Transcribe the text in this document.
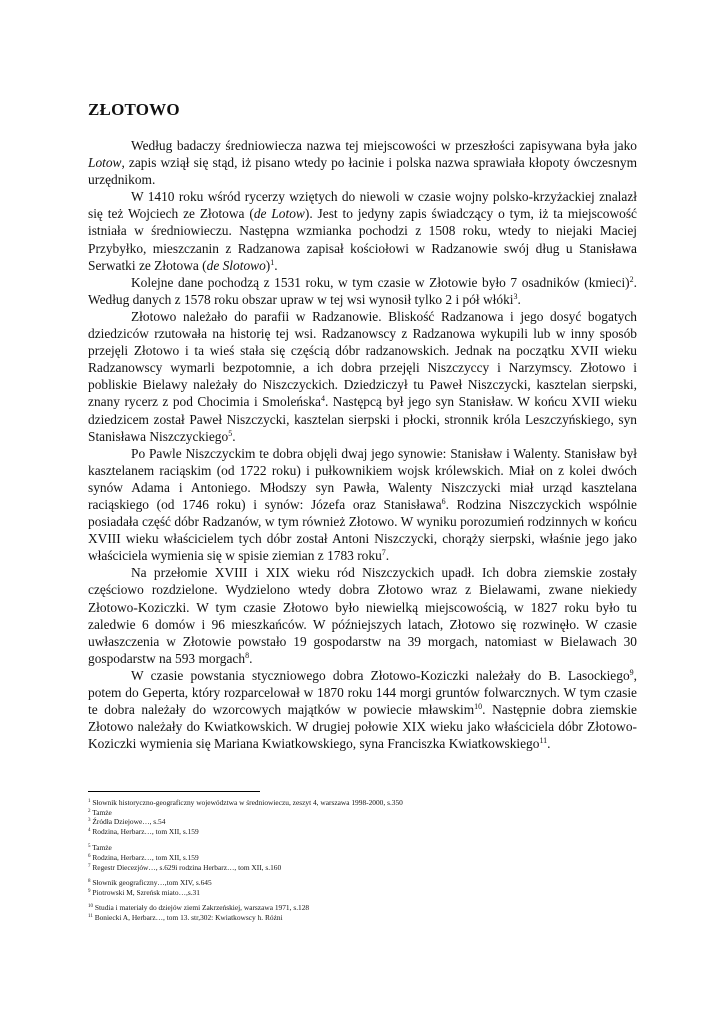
ZŁOTOWO

Według badaczy średniowiecza nazwa tej miejscowości w przeszłości zapisywana była jako Lotow, zapis wziął się stąd, iż pisano wtedy po łacinie i polska nazwa sprawiała kłopoty ówczesnym urzędnikom.

W 1410 roku wśród rycerzy wziętych do niewoli w czasie wojny polsko-krzyżackiej znalazł się też Wojciech ze Złotowa (de Lotow). Jest to jedyny zapis świadczący o tym, iż ta miejscowość istniała w średniowieczu. Następna wzmianka pochodzi z 1508 roku, wtedy to niejaki Maciej Przybyłko, mieszczanin z Radzanowa zapisał kościołowi w Radzanowie swój dług u Stanisława Serwatki ze Złotowa (de Slotowo)$^1$.

Kolejne dane pochodzą z 1531 roku, w tym czasie w Złotowie było 7 osadników (kmieci)$^2$. Według danych z 1578 roku obszar upraw w tej wsi wynosił tylko 2 i pół włóki$^3$.

Złotowo należało do parafii w Radzanowie. Bliskość Radzanowa i jego dosyć bogatych dziedziców rzutowała na historię tej wsi. Radzanowscy z Radzanowa wykupili lub w inny sposób przejęli Złotowo i ta wieś stała się częścią dóbr radzanowskich. Jednak na początku XVII wieku Radzanowscy wymarli bezpotomnie, a ich dobra przejęli Niszczyccy i Narzymscy. Złotowo i pobliskie Bielawy należały do Niszczyckich. Dziedziczył tu Paweł Niszczycki, kasztelan sierpski, znany rycerz z pod Chocimia i Smoleńska$^4$. Następcą był jego syn Stanisław. W końcu XVII wieku dziedzicem został Paweł Niszczycki, kasztelan sierpski i płocki, stronnik króla Leszczyńskiego, syn Stanisława Niszczyckiego$^5$.

Po Pawle Niszczyckim te dobra objęli dwaj jego synowie: Stanisław i Walenty. Stanisław był kasztelanem raciąskim (od 1722 roku) i pułkownikiem wojsk królewskich. Miał on z kolei dwóch synów Adama i Antoniego. Młodszy syn Pawła, Walenty Niszczycki miał urząd kasztelana raciąskiego (od 1746 roku) i synów: Józefa oraz Stanisława$^6$. Rodzina Niszczyckich wspólnie posiadała część dóbr Radzanów, w tym również Złotowo. W wyniku porozumień rodzinnych w końcu XVIII wieku właścicielem tych dóbr został Antoni Niszczycki, chorąży sierpski, właśnie jego jako właściciela wymienia się w spisie ziemian z 1783 roku$^7$.

Na przełomie XVIII i XIX wieku ród Niszczyckich upadł. Ich dobra ziemskie zostały częściowo rozdzielone. Wydzielono wtedy dobra Złotowo wraz z Bielawami, zwane niekiedy Złotowo-Koziczki. W tym czasie Złotowo było niewielką miejscowością, w 1827 roku było tu zaledwie 6 domów i 96 mieszkańców. W późniejszych latach, Złotowo się rozwinęło. W czasie uwłaszczenia w Złotowie powstało 19 gospodarstw na 39 morgach, natomiast w Bielawach 30 gospodarstw na 593 morgach$^8$.

W czasie powstania styczniowego dobra Złotowo-Koziczki należały do B. Lasockiego$^9$, potem do Geperta, który rozparcelował w 1870 roku 144 morgi gruntów folwarcznych. W tym czasie te dobra należały do wzorcowych majątków w powiecie mławskim$^{10}$. Następnie dobra ziemskie Złotowo należały do Kwiatkowskich. W drugiej połowie XIX wieku jako właściciela dóbr Złotowo-Koziczki wymienia się Mariana Kwiatkowskiego, syna Franciszka Kwiatkowskiego$^{11}$.

$^1$ Słownik historyczno-geograficzny województwa w średniowieczu, zeszyt 4, warszawa 1998-2000, s.350

$^2$ Tamże

$^3$ Źródła Dziejowe…, s.54

$^4$ Rodzina, Herbarz…, tom XII, s.159

$^5$ Tamże

$^6$ Rodzina, Herbarz…, tom XII, s.159

$^7$ Regestr Diecezjów…, s.629i rodzina Herbarz…, tom XII, s.160

$^8$ Słownik geograficzny…,tom XIV, s.645

$^9$ Piotrowski M, Szreńsk miato…,s.31

$^{10}$ Studia i materiały do dziejów ziemi Zakrzeńskiej, warszawa 1971, s.128

$^{11}$ Boniecki A, Herbarz…, tom 13. str,302: Kwiatkowscy h. Różni
